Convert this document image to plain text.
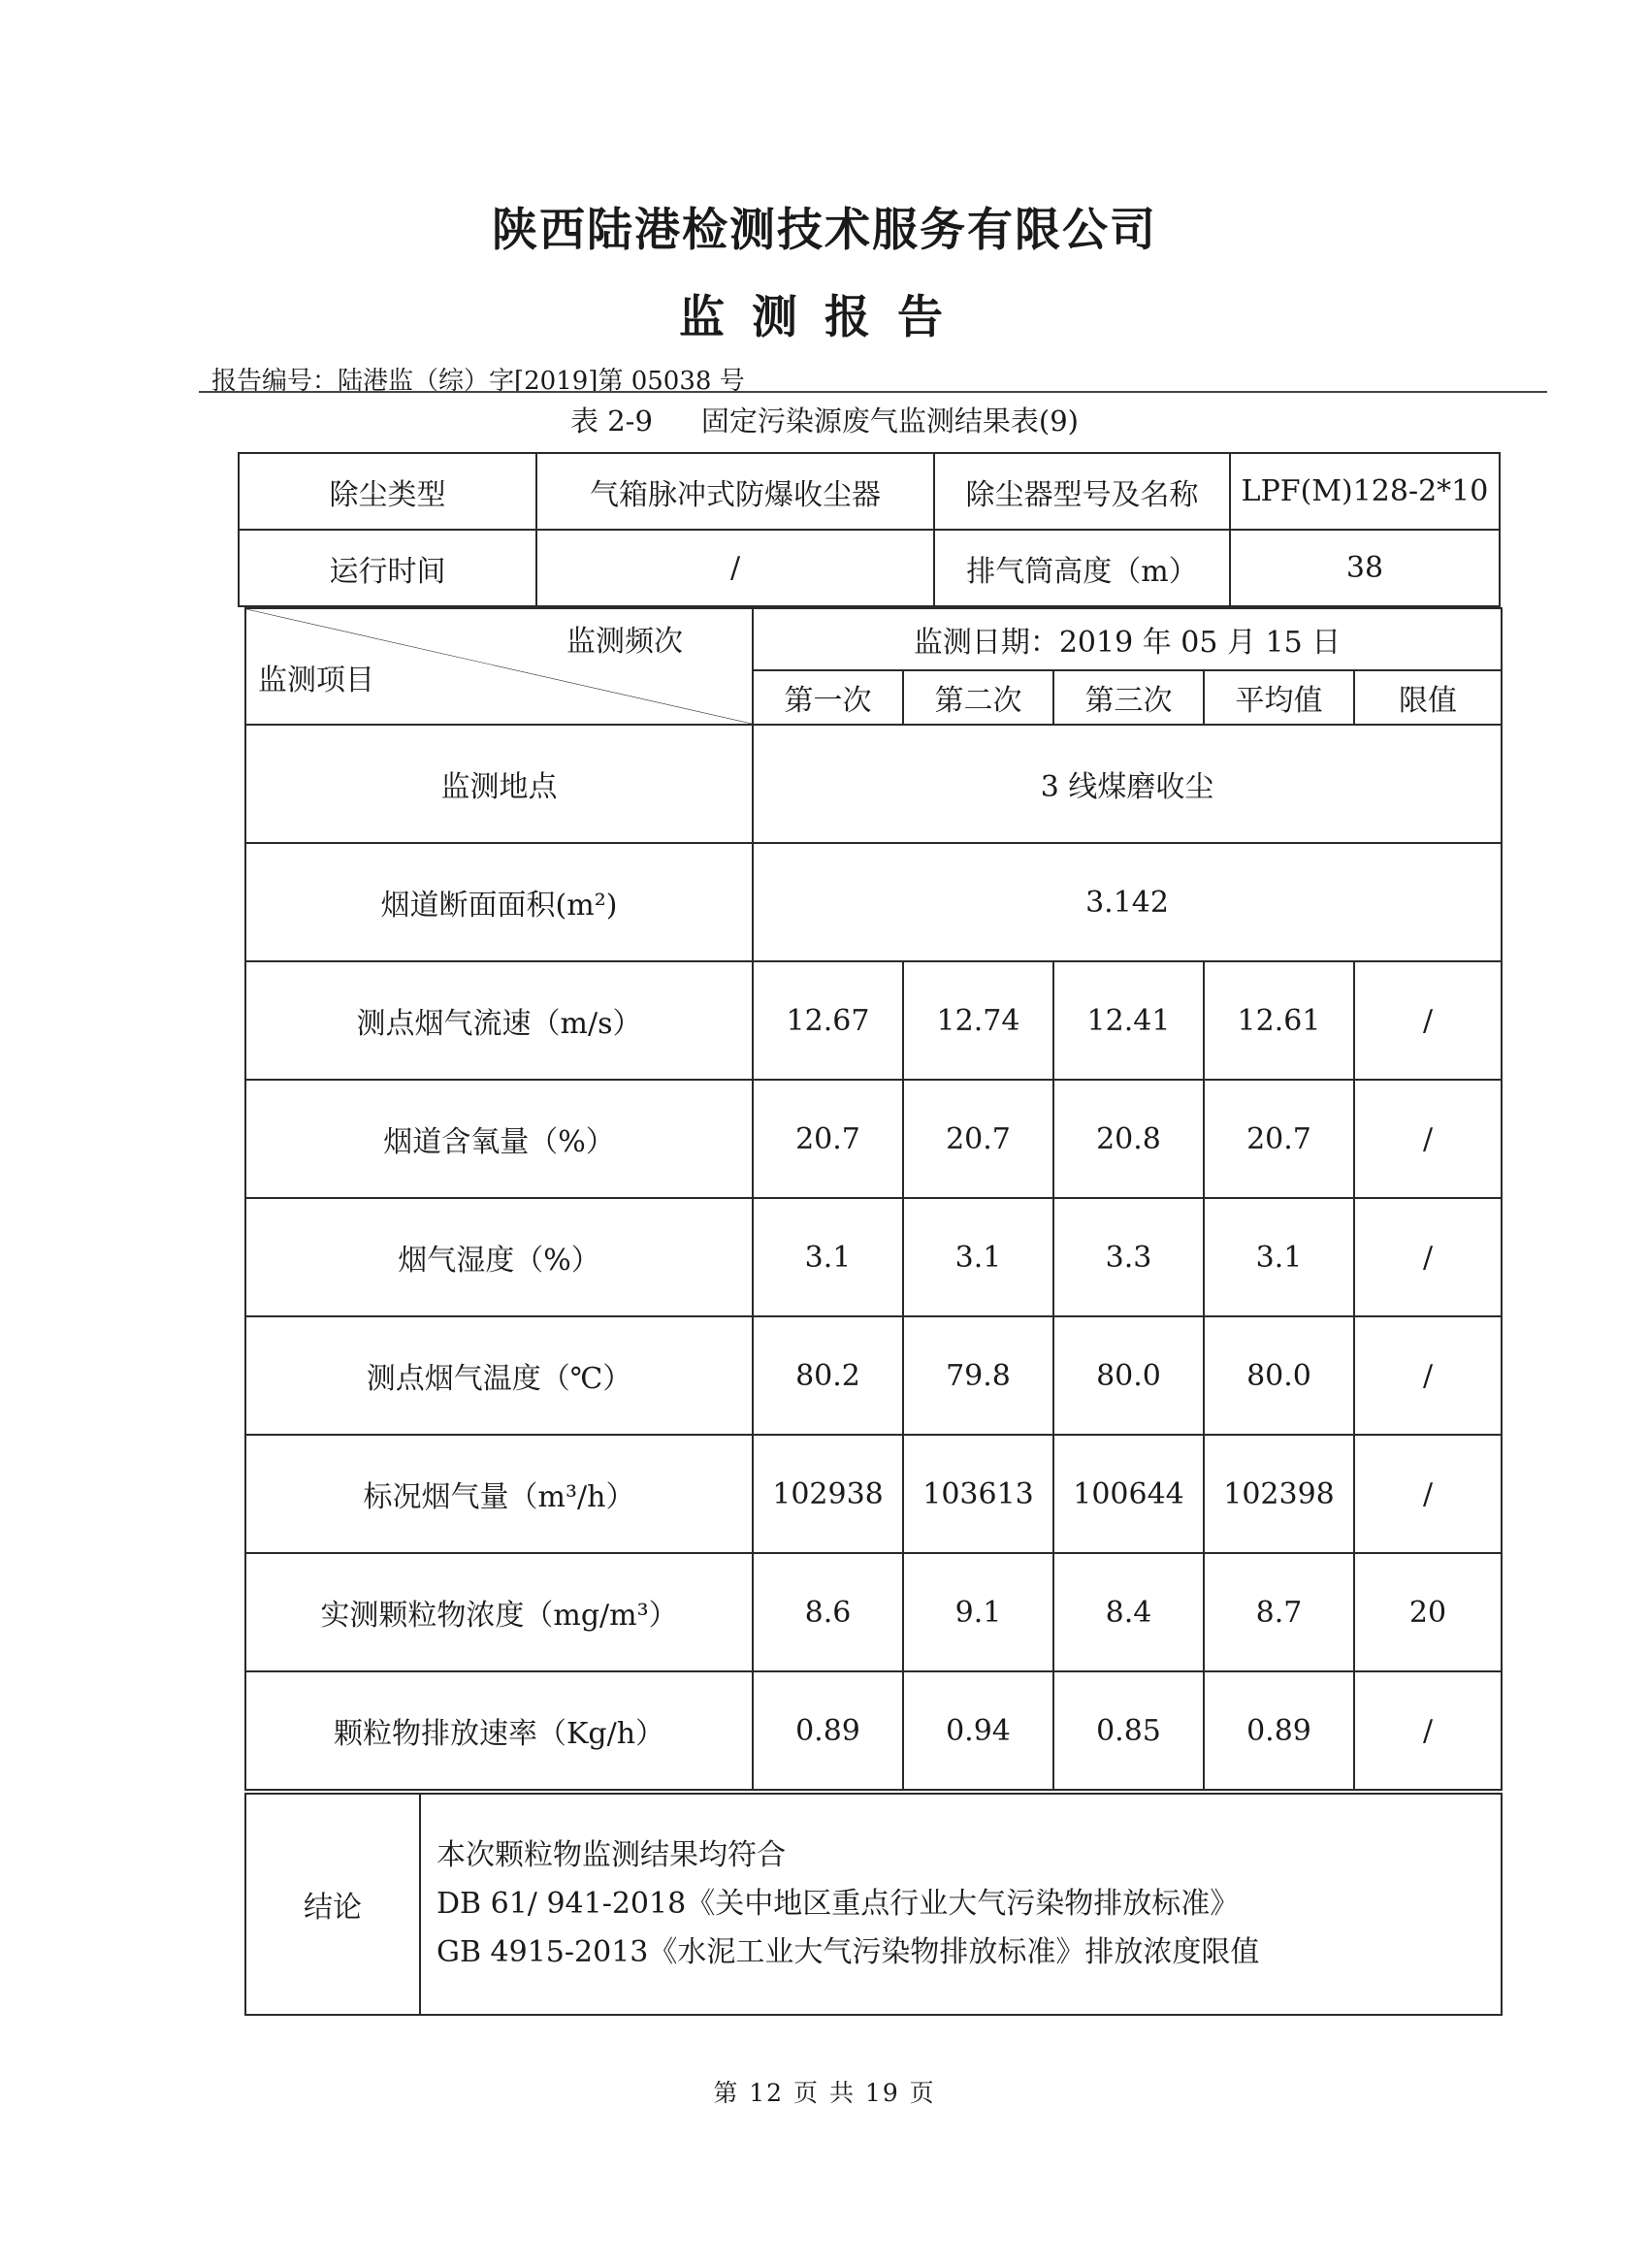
陕西陆港检测技术服务有限公司
监测报告
报告编号：陆港监（综）字[2019]第 05038 号
表 2-9 固定污染源废气监测结果表(9)
除尘类型	气箱脉冲式防爆收尘器	除尘器型号及名称	LPF(M)128-2*10
运行时间	/	排气筒高度（m）	38
监测频次
监测项目	监测日期：2019 年 05 月 15 日				
	第一次	第二次	第三次	平均值	限值
监测地点	3 线煤磨收尘				
烟道断面面积(m²)	3.142				
测点烟气流速（m/s）	12.67	12.74	12.41	12.61	/
烟道含氧量（%）	20.7	20.7	20.8	20.7	/
烟气湿度（%）	3.1	3.1	3.3	3.1	/
测点烟气温度（℃）	80.2	79.8	80.0	80.0	/
标况烟气量（m³/h）	102938	103613	100644	102398	/
实测颗粒物浓度（mg/m³）	8.6	9.1	8.4	8.7	20
颗粒物排放速率（Kg/h）	0.89	0.94	0.85	0.89	/
结论	
本次颗粒物监测结果均符合
DB 61/ 941-2018《关中地区重点行业大气污染物排放标准》
GB 4915-2013《水泥工业大气污染物排放标准》排放浓度限值
第 12 页 共 19 页
